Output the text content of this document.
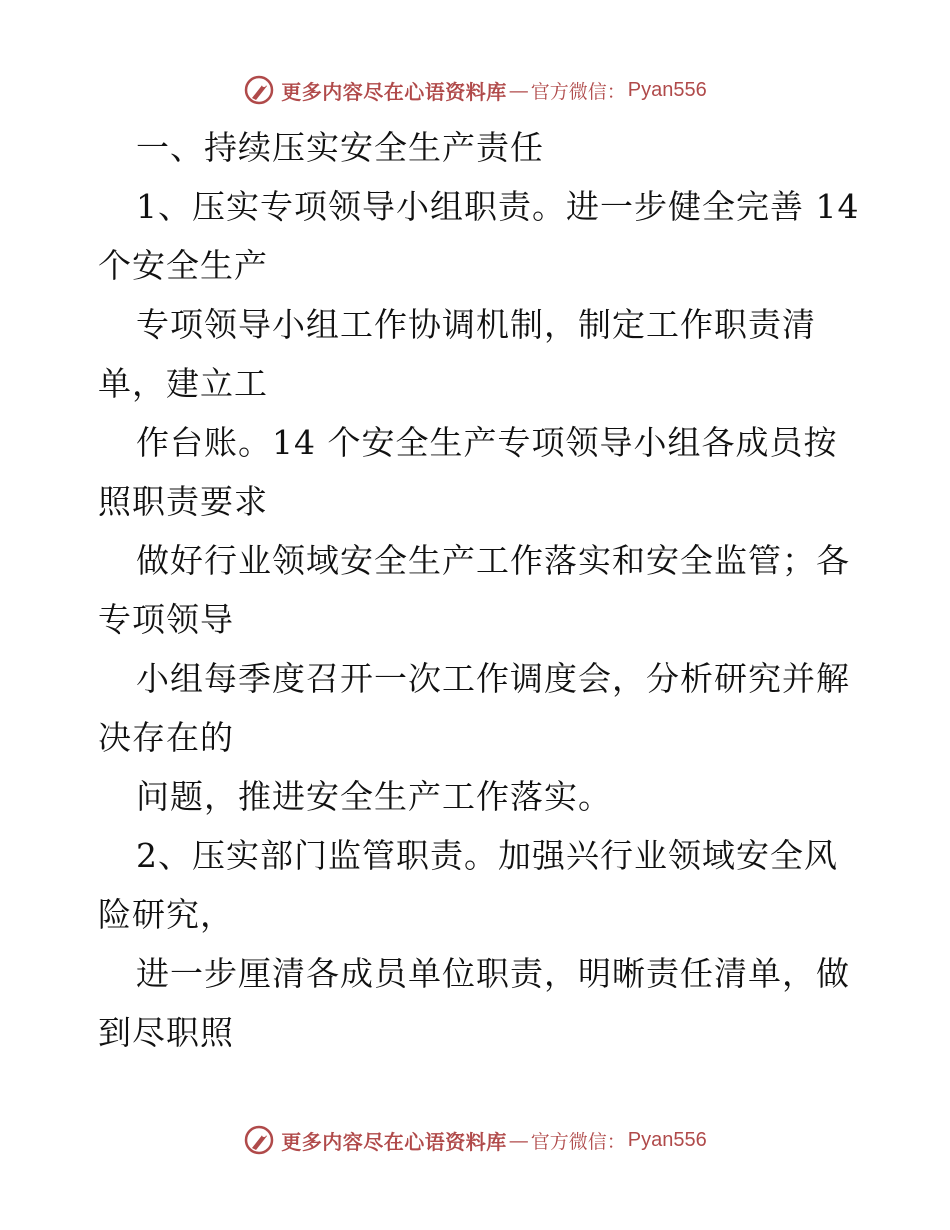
更多内容尽在心语资料库 — 官方微信： Pyan556
一、持续压实安全生产责任
1、压实专项领导小组职责。进一步健全完善 14
个安全生产
专项领导小组工作协调机制，制定工作职责清
单，建立工
作台账。14 个安全生产专项领导小组各成员按
照职责要求
做好行业领域安全生产工作落实和安全监管；各
专项领导
小组每季度召开一次工作调度会，分析研究并解
决存在的
问题，推进安全生产工作落实。
2、压实部门监管职责。加强兴行业领域安全风
险研究，
进一步厘清各成员单位职责，明晰责任清单，做
到尽职照
更多内容尽在心语资料库 — 官方微信： Pyan556
